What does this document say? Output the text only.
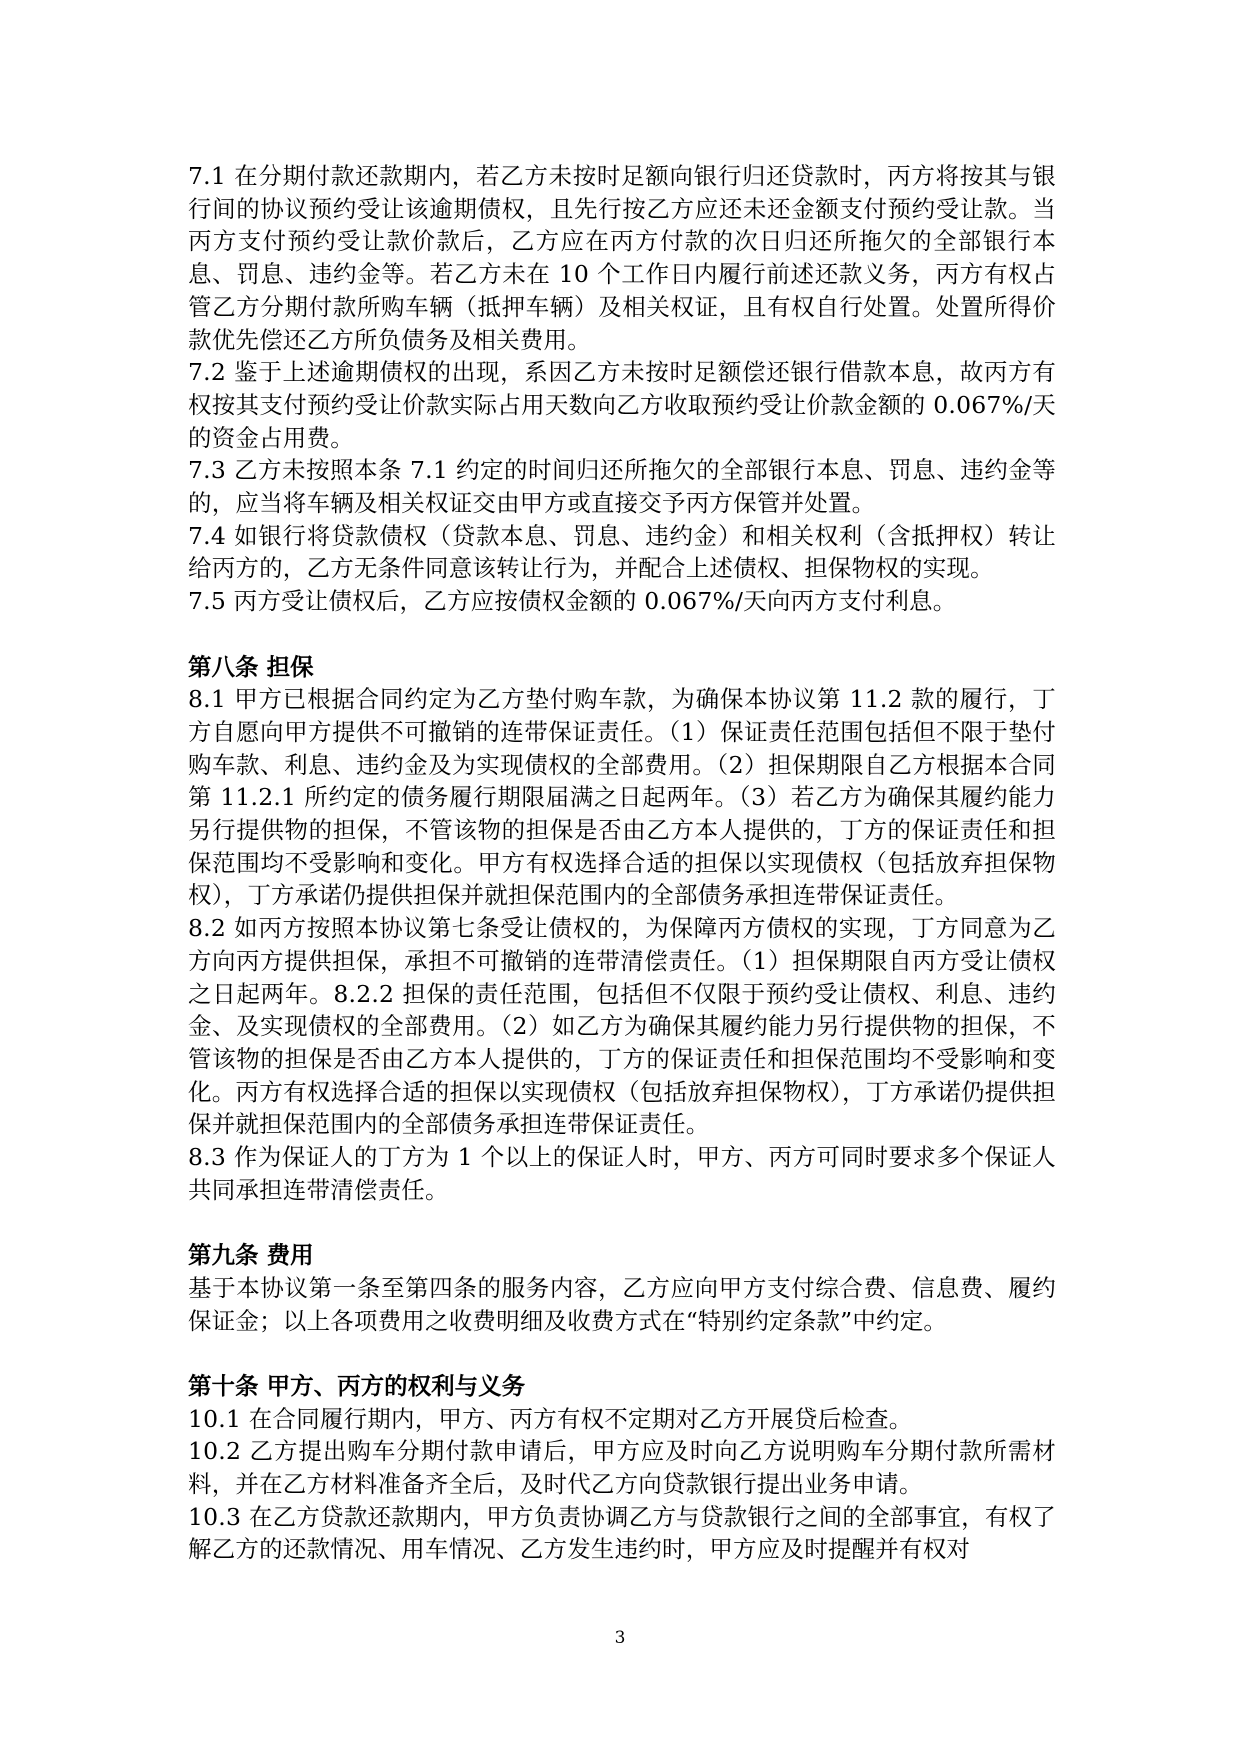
7.1 在分期付款还款期内，若乙方未按时足额向银行归还贷款时，丙方将按其与银行间的协议预约受让该逾期债权，且先行按乙方应还未还金额支付预约受让款。当丙方支付预约受让款价款后，乙方应在丙方付款的次日归还所拖欠的全部银行本息、罚息、违约金等。若乙方未在 10 个工作日内履行前述还款义务，丙方有权占管乙方分期付款所购车辆（抵押车辆）及相关权证，且有权自行处置。处置所得价款优先偿还乙方所负债务及相关费用。

7.2 鉴于上述逾期债权的出现，系因乙方未按时足额偿还银行借款本息，故丙方有权按其支付预约受让价款实际占用天数向乙方收取预约受让价款金额的 0.067%/天的资金占用费。

7.3 乙方未按照本条 7.1 约定的时间归还所拖欠的全部银行本息、罚息、违约金等的，应当将车辆及相关权证交由甲方或直接交予丙方保管并处置。

7.4 如银行将贷款债权（贷款本息、罚息、违约金）和相关权利（含抵押权）转让给丙方的，乙方无条件同意该转让行为，并配合上述债权、担保物权的实现。

7.5 丙方受让债权后，乙方应按债权金额的 0.067%/天向丙方支付利息。

第八条 担保

8.1 甲方已根据合同约定为乙方垫付购车款，为确保本协议第 11.2 款的履行，丁方自愿向甲方提供不可撤销的连带保证责任。（1）保证责任范围包括但不限于垫付购车款、利息、违约金及为实现债权的全部费用。（2）担保期限自乙方根据本合同第 11.2.1 所约定的债务履行期限届满之日起两年。（3）若乙方为确保其履约能力另行提供物的担保，不管该物的担保是否由乙方本人提供的，丁方的保证责任和担保范围均不受影响和变化。甲方有权选择合适的担保以实现债权（包括放弃担保物权），丁方承诺仍提供担保并就担保范围内的全部债务承担连带保证责任。

8.2 如丙方按照本协议第七条受让债权的，为保障丙方债权的实现，丁方同意为乙方向丙方提供担保，承担不可撤销的连带清偿责任。（1）担保期限自丙方受让债权之日起两年。8.2.2 担保的责任范围，包括但不仅限于预约受让债权、利息、违约金、及实现债权的全部费用。（2）如乙方为确保其履约能力另行提供物的担保，不管该物的担保是否由乙方本人提供的，丁方的保证责任和担保范围均不受影响和变化。丙方有权选择合适的担保以实现债权（包括放弃担保物权），丁方承诺仍提供担保并就担保范围内的全部债务承担连带保证责任。

8.3 作为保证人的丁方为 1 个以上的保证人时，甲方、丙方可同时要求多个保证人共同承担连带清偿责任。

第九条 费用

基于本协议第一条至第四条的服务内容，乙方应向甲方支付综合费、信息费、履约保证金；以上各项费用之收费明细及收费方式在“特别约定条款”中约定。

第十条 甲方、丙方的权利与义务

10.1 在合同履行期内，甲方、丙方有权不定期对乙方开展贷后检查。

10.2 乙方提出购车分期付款申请后，甲方应及时向乙方说明购车分期付款所需材料，并在乙方材料准备齐全后，及时代乙方向贷款银行提出业务申请。

10.3 在乙方贷款还款期内，甲方负责协调乙方与贷款银行之间的全部事宜，有权了解乙方的还款情况、用车情况、乙方发生违约时，甲方应及时提醒并有权对

3
